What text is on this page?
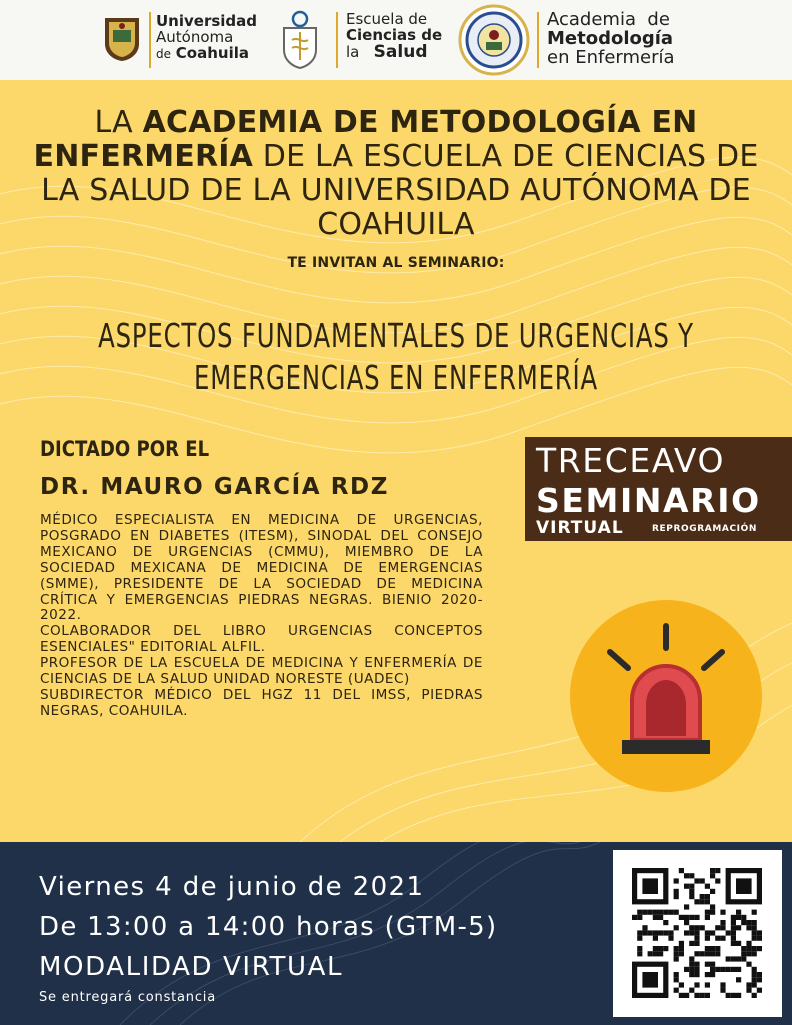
Universidad
Autónoma
de Coahuila
Escuela de
Ciencias de
la Salud
Academia  de
Metodología
en Enfermería
LA ACADEMIA DE METODOLOGÍA EN ENFERMERÍA DE LA ESCUELA DE CIENCIAS DE LA SALUD DE LA UNIVERSIDAD AUTÓNOMA DE COAHUILA
TE INVITAN AL SEMINARIO:
ASPECTOS FUNDAMENTALES DE URGENCIAS Y
EMERGENCIAS EN ENFERMERÍA
DICTADO POR EL
DR. MAURO GARCÍA RDZ

MÉDICO ESPECIALISTA EN MEDICINA DE URGENCIAS, POSGRADO EN DIABETES (ITESM), SINODAL DEL CONSEJO MEXICANO DE URGENCIAS (CMMU), MIEMBRO DE LA SOCIEDAD MEXICANA DE MEDICINA DE EMERGENCIAS (SMME), PRESIDENTE DE LA SOCIEDAD DE MEDICINA CRÍTICA Y EMERGENCIAS PIEDRAS NEGRAS. BIENIO 2020-2022.

COLABORADOR DEL LIBRO URGENCIAS CONCEPTOS ESENCIALES" EDITORIAL ALFIL.

PROFESOR DE LA ESCUELA DE MEDICINA Y ENFERMERÍA DE CIENCIAS DE LA SALUD UNIDAD NORESTE (UADEC)

SUBDIRECTOR MÉDICO DEL HGZ 11 DEL IMSS, PIEDRAS NEGRAS, COAHUILA.

TRECEAVO
SEMINARIO
VIRTUAL	REPROGRAMACIÓN
Viernes 4 de junio de 2021
De 13:00 a 14:00 horas (GTM-5)
MODALIDAD VIRTUAL
Se entregará constancia
